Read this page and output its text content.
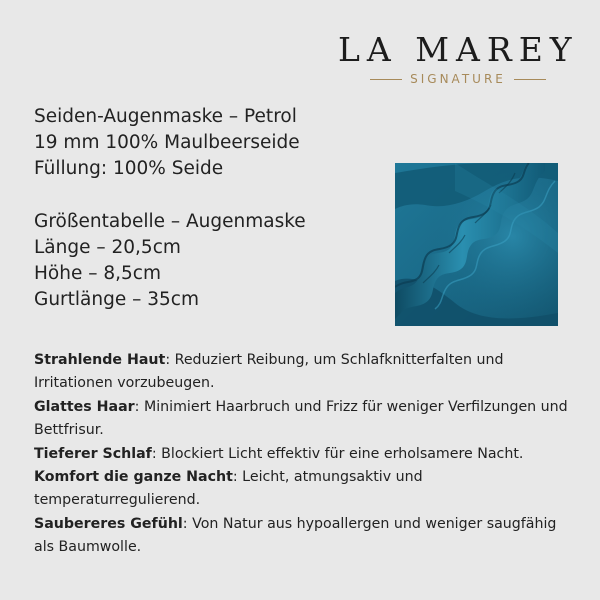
LA MAREY
SIGNATURE
Seiden-Augenmaske – Petrol
19 mm 100% Maulbeerseide
Füllung: 100% Seide
Größentabelle – Augenmaske
Länge – 20,5cm
Höhe – 8,5cm
Gurtlänge – 35cm

Strahlende Haut: Reduziert Reibung, um Schlafknitterfalten und Irritationen vorzubeugen.

Glattes Haar: Minimiert Haarbruch und Frizz für weniger Verfilzungen und Bettfrisur.

Tieferer Schlaf: Blockiert Licht effektiv für eine erholsamere Nacht.

Komfort die ganze Nacht: Leicht, atmungsaktiv und temperaturregulierend.

Saubereres Gefühl: Von Natur aus hypoallergen und weniger saugfähig als Baumwolle.
